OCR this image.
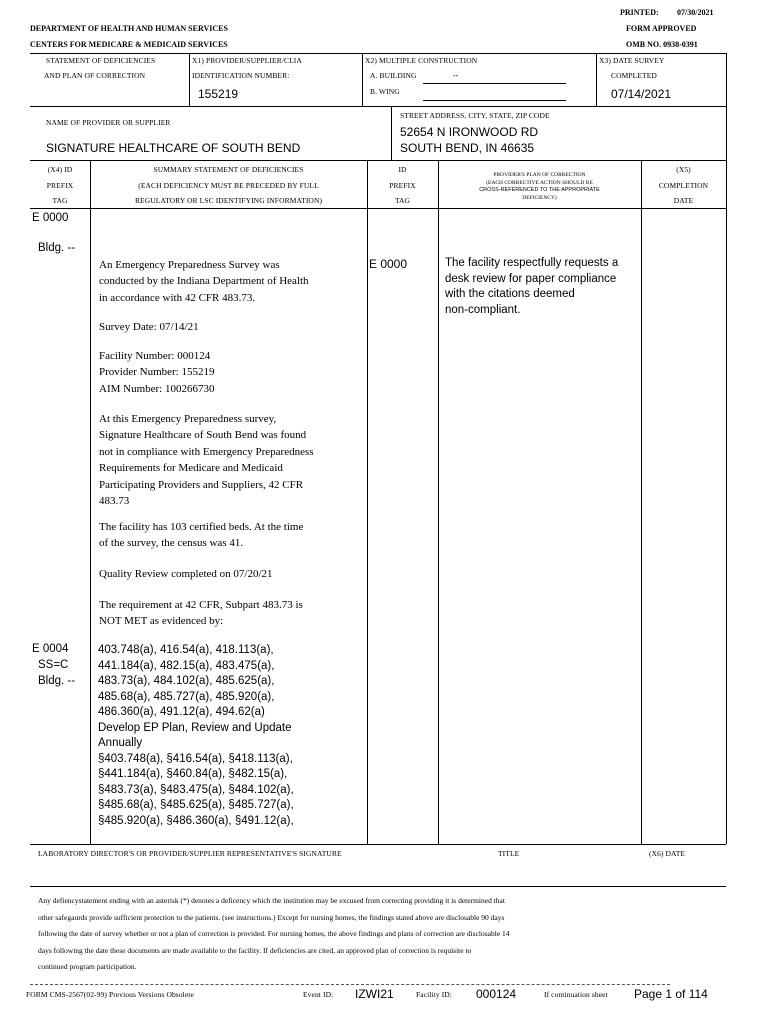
PRINTED: 07/30/2021
DEPARTMENT OF HEALTH AND HUMAN SERVICES	FORM APPROVED
CENTERS FOR MEDICARE & MEDICAID SERVICES	OMB NO. 0938-0391
STATEMENT OF DEFICIENCIES
AND PLAN OF CORRECTION
X1) PROVIDER/SUPPLIER/CLIA
IDENTIFICATION NUMBER:
155219
X2) MULTIPLE CONSTRUCTION
A. BUILDING	--
B. WING
X3) DATE SURVEY
COMPLETED
07/14/2021
NAME OF PROVIDER OR SUPPLIER
SIGNATURE HEALTHCARE OF SOUTH BEND
STREET ADDRESS, CITY, STATE, ZIP CODE
52654 N IRONWOOD RD
SOUTH BEND, IN 46635
(X4) ID
PREFIX
TAG
SUMMARY STATEMENT OF DEFICIENCIES
(EACH DEFICIENCY MUST BE PRECEDED BY FULL
REGULATORY OR LSC IDENTIFYING INFORMATION)
ID
PREFIX
TAG
PROVIDER'S PLAN OF CORRECTION
(EACH CORRECTIVE ACTION SHOULD BE
CROSS-REFERENCED TO THE APPROPRIATE
DEFICIENCY)
(X5)
COMPLETION
DATE
E 0000
Bldg. --
An Emergency Preparedness Survey was
conducted by the Indiana Department of Health
in accordance with 42 CFR 483.73.
Survey Date: 07/14/21
Facility Number: 000124
Provider Number: 155219
AIM Number: 100266730
At this Emergency Preparedness survey,
Signature Healthcare of South Bend was found
not in compliance with Emergency Preparedness
Requirements for Medicare and Medicaid
Participating Providers and Suppliers, 42 CFR
483.73
The facility has 103 certified beds. At the time
of the survey, the census was 41.
Quality Review completed on 07/20/21
The requirement at 42 CFR, Subpart 483.73 is
NOT MET as evidenced by:
E 0000	The facility respectfully requests a
desk review for paper compliance
with the citations deemed
non-compliant.
E 0004
SS=C
Bldg. --
403.748(a), 416.54(a), 418.113(a),
441.184(a), 482.15(a), 483.475(a),
483.73(a), 484.102(a), 485.625(a),
485.68(a), 485.727(a), 485.920(a),
486.360(a), 491.12(a), 494.62(a)
Develop EP Plan, Review and Update
Annually
§403.748(a), §416.54(a), §418.113(a),
§441.184(a), §460.84(a), §482.15(a),
§483.73(a), §483.475(a), §484.102(a),
§485.68(a), §485.625(a), §485.727(a),
§485.920(a), §486.360(a), §491.12(a),
LABORATORY DIRECTOR'S OR PROVIDER/SUPPLIER REPRESENTATIVE'S SIGNATURE	TITLE	(X6) DATE
Any defiencystatement ending with an asterisk (*) denotes a deficency which the institution may be excused from correcting providing it is determined that
other safegaurds provide sufficient protection to the patients. (see instructions.) Except for nursing homes, the findings stated above are disclosable 90 days
following the date of survey whether or not a plan of correction is provided. For nursing homes, the above findings and plans of correction are disclosable 14
days following the date these documents are made available to the facility. If deficiencies are cited, an approved plan of correction is requisite to
continued program participation.
FORM CMS-2567(02-99) Previous Versions Obsolete	Event ID: IZWI21	Facility ID: 000124	If continuation sheet Page 1 of 114
